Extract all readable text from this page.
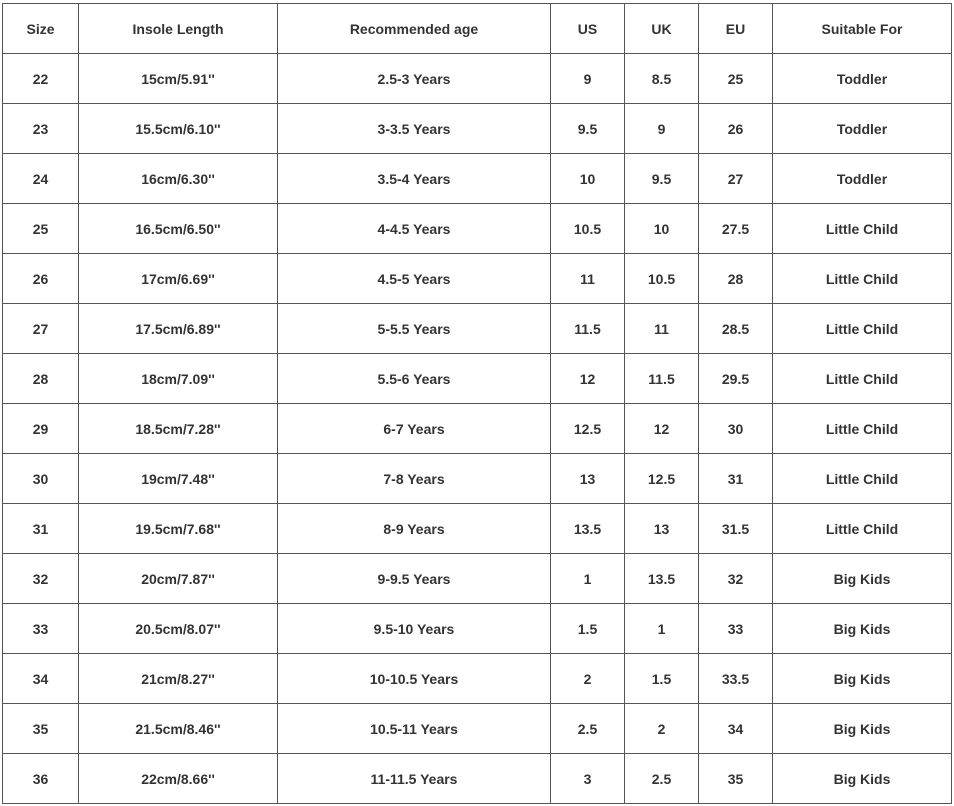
Size	Insole Length	Recommended age	US	UK	EU	Suitable For
22	15cm/5.91''	2.5-3 Years	9	8.5	25	Toddler
23	15.5cm/6.10''	3-3.5 Years	9.5	9	26	Toddler
24	16cm/6.30''	3.5-4 Years	10	9.5	27	Toddler
25	16.5cm/6.50''	4-4.5 Years	10.5	10	27.5	Little Child
26	17cm/6.69''	4.5-5 Years	11	10.5	28	Little Child
27	17.5cm/6.89''	5-5.5 Years	11.5	11	28.5	Little Child
28	18cm/7.09''	5.5-6 Years	12	11.5	29.5	Little Child
29	18.5cm/7.28''	6-7 Years	12.5	12	30	Little Child
30	19cm/7.48''	7-8 Years	13	12.5	31	Little Child
31	19.5cm/7.68''	8-9 Years	13.5	13	31.5	Little Child
32	20cm/7.87''	9-9.5 Years	1	13.5	32	Big Kids
33	20.5cm/8.07''	9.5-10 Years	1.5	1	33	Big Kids
34	21cm/8.27''	10-10.5 Years	2	1.5	33.5	Big Kids
35	21.5cm/8.46''	10.5-11 Years	2.5	2	34	Big Kids
36	22cm/8.66''	11-11.5 Years	3	2.5	35	Big Kids
